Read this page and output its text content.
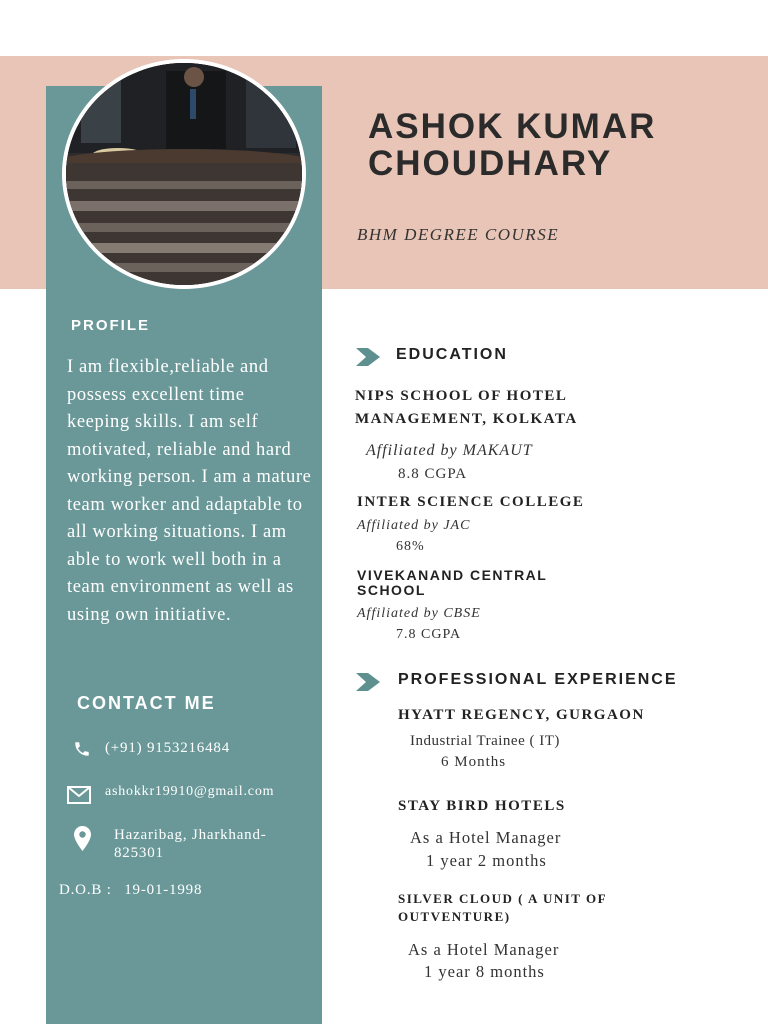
ASHOK KUMAR
CHOUDHARY
BHM DEGREE COURSE
PROFILE
I am flexible,reliable and possess excellent time keeping skills. I am self motivated, reliable and hard working person. I am a mature team worker and adaptable to all working situations. I am able to work well both in a team environment as well as using own initiative.
CONTACT ME
(+91) 9153216484
ashokkr19910@gmail.com
Hazaribag, Jharkhand-
825301
D.O.B : 19-01-1998
EDUCATION
NIPS SCHOOL OF HOTEL
MANAGEMENT, KOLKATA
Affiliated by MAKAUT
8.8 CGPA
INTER SCIENCE COLLEGE
Affiliated by JAC
68%
VIVEKANAND CENTRAL
SCHOOL
Affiliated by CBSE
7.8 CGPA
PROFESSIONAL EXPERIENCE
HYATT REGENCY, GURGAON
Industrial Trainee ( IT)
6 Months
STAY BIRD HOTELS
As a Hotel Manager
1 year 2 months
SILVER CLOUD ( A UNIT OF
OUTVENTURE)
As a Hotel Manager
1 year 8 months
